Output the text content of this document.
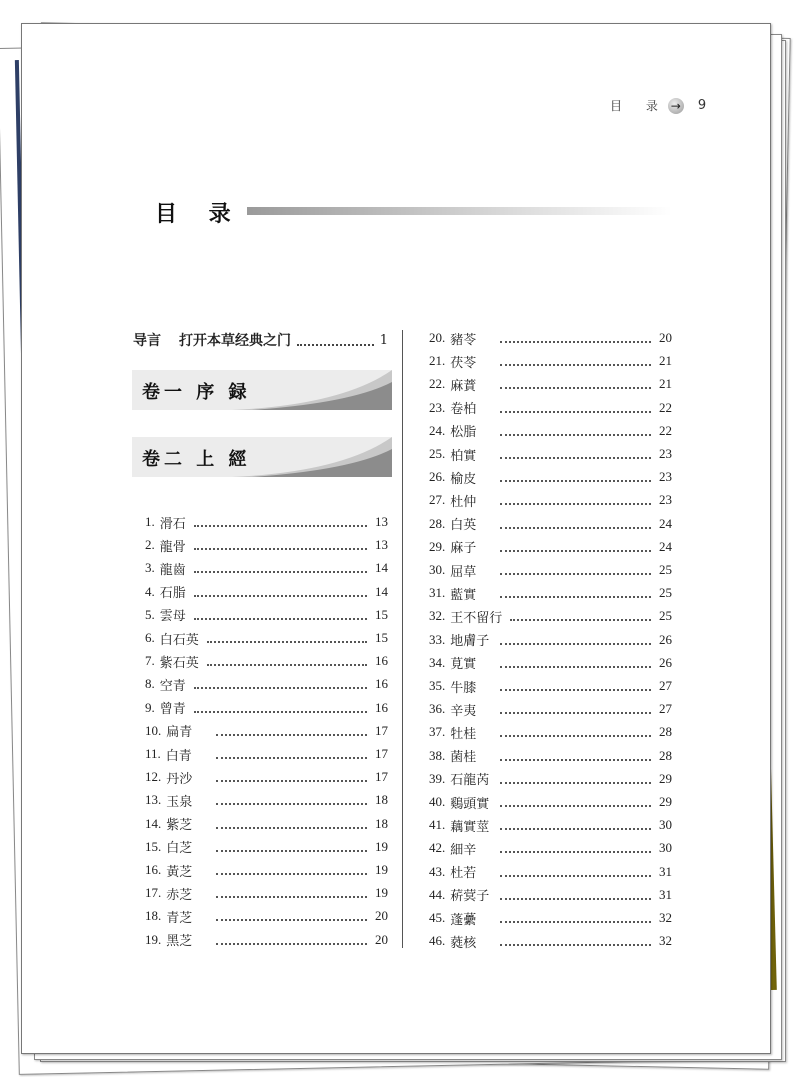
目 录 → 9
目 录
导言 打开本草经典之门	1
卷一 序 録
卷二 上 經
1. 滑石	13
2. 龍骨	13
3. 龍齒	14
4. 石脂	14
5. 雲母	15
6. 白石英	15
7. 紫石英	16
8. 空青	16
9. 曾青	16
10. 扁青	17
11. 白青	17
12. 丹沙	17
13. 玉泉	18
14. 紫芝	18
15. 白芝	19
16. 黃芝	19
17. 赤芝	19
18. 青芝	20
19. 黑芝	20
20. 豬苓	20
21. 茯苓	21
22. 麻蕡	21
23. 卷柏	22
24. 松脂	22
25. 柏實	23
26. 榆皮	23
27. 杜仲	23
28. 白英	24
29. 麻子	24
30. 屈草	25
31. 藍實	25
32. 王不留行	25
33. 地膚子	26
34. 莧實	26
35. 牛膝	27
36. 辛夷	27
37. 牡桂	28
38. 菌桂	28
39. 石龍芮	29
40. 鷄頭實	29
41. 藕實莖	30
42. 細辛	30
43. 杜若	31
44. 菥蓂子	31
45. 蓬虆	32
46. 蕤核	32
